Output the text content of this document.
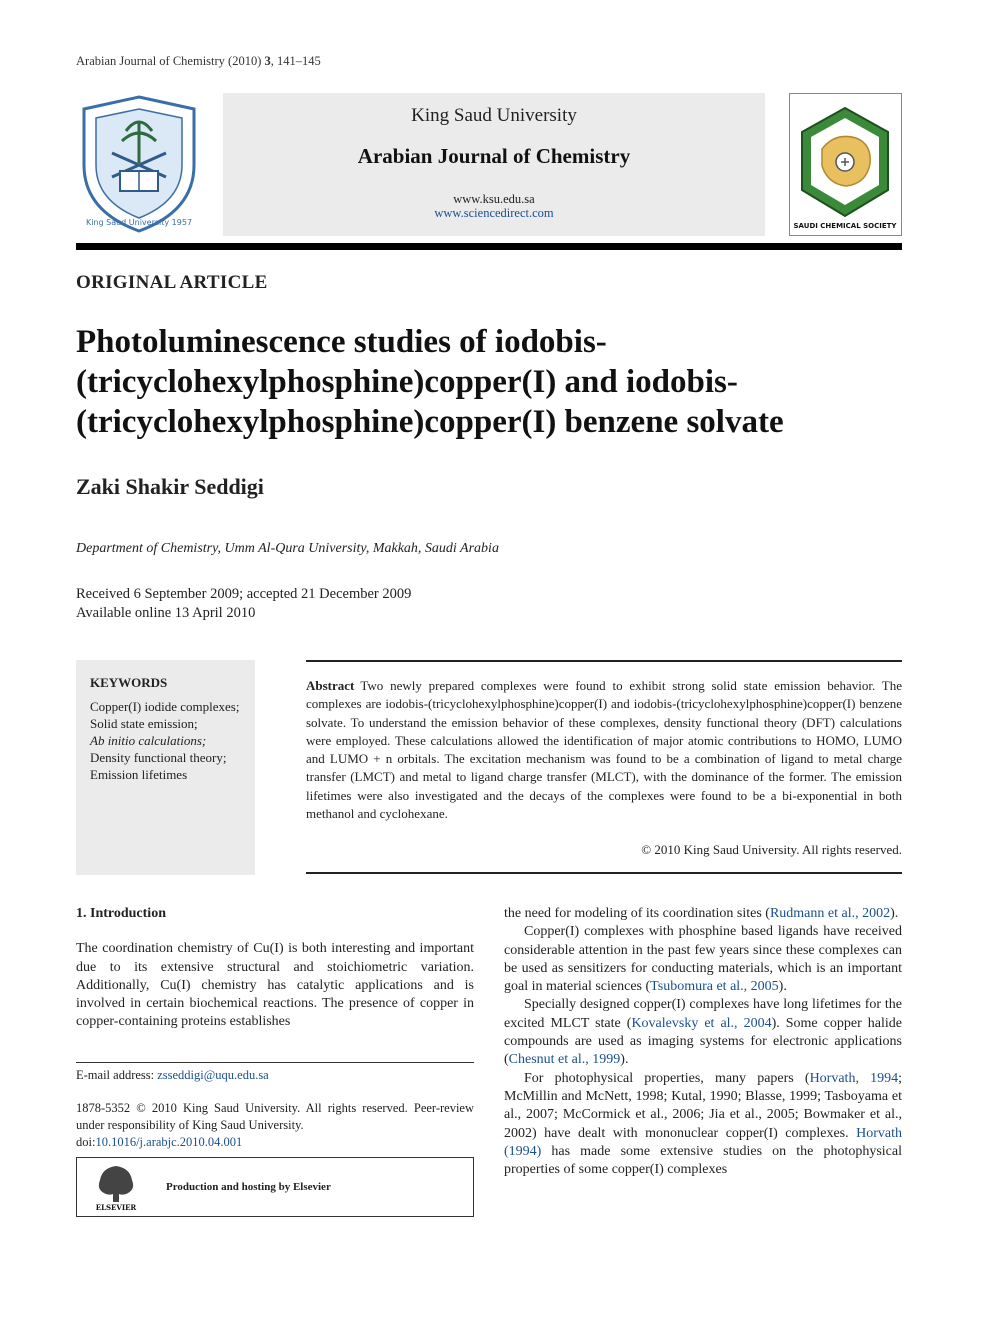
Arabian Journal of Chemistry (2010) 3, 141–145
King Saud University 1957
King Saud University
Arabian Journal of Chemistry
www.ksu.edu.sa
www.sciencedirect.com
SAUDI CHEMICAL SOCIETY
ORIGINAL ARTICLE
Photoluminescence studies of iodobis-(tricyclohexylphosphine)copper(I) and iodobis-(tricyclohexylphosphine)copper(I) benzene solvate
Zaki Shakir Seddigi
Department of Chemistry, Umm Al-Qura University, Makkah, Saudi Arabia
Received 6 September 2009; accepted 21 December 2009
Available online 13 April 2010
KEYWORDS
Copper(I) iodide complexes;
Solid state emission;
Ab initio calculations;
Density functional theory;
Emission lifetimes
Abstract Two newly prepared complexes were found to exhibit strong solid state emission behavior. The complexes are iodobis-(tricyclohexylphosphine)copper(I) and iodobis-(tricyclohexylphosphine)copper(I) benzene solvate. To understand the emission behavior of these complexes, density functional theory (DFT) calculations were employed. These calculations allowed the identification of major atomic contributions to HOMO, LUMO and LUMO + n orbitals. The excitation mechanism was found to be a combination of ligand to metal charge transfer (LMCT) and metal to ligand charge transfer (MLCT), with the dominance of the former. The emission lifetimes were also investigated and the decays of the complexes were found to be a bi-exponential in both methanol and cyclohexane.
© 2010 King Saud University. All rights reserved.
1. Introduction

The coordination chemistry of Cu(I) is both interesting and important due to its extensive structural and stoichiometric variation. Additionally, Cu(I) chemistry has catalytic applications and is involved in certain biochemical reactions. The presence of copper in copper-containing proteins establishes

the need for modeling of its coordination sites (Rudmann et al., 2002).

Copper(I) complexes with phosphine based ligands have received considerable attention in the past few years since these complexes can be used as sensitizers for conducting materials, which is an important goal in material sciences (Tsubomura et al., 2005).

Specially designed copper(I) complexes have long lifetimes for the excited MLCT state (Kovalevsky et al., 2004). Some copper halide compounds are used as imaging systems for electronic applications (Chesnut et al., 1999).

For photophysical properties, many papers (Horvath, 1994; McMillin and McNett, 1998; Kutal, 1990; Blasse, 1999; Tasboyama et al., 2007; McCormick et al., 2006; Jia et al., 2005; Bowmaker et al., 2002) have dealt with mononuclear copper(I) complexes. Horvath (1994) has made some extensive studies on the photophysical properties of some copper(I) complexes

E-mail address: zsseddigi@uqu.edu.sa
1878-5352 © 2010 King Saud University. All rights reserved. Peer-review under responsibility of King Saud University.
doi:10.1016/j.arabjc.2010.04.001
ELSEVIER
Production and hosting by Elsevier
